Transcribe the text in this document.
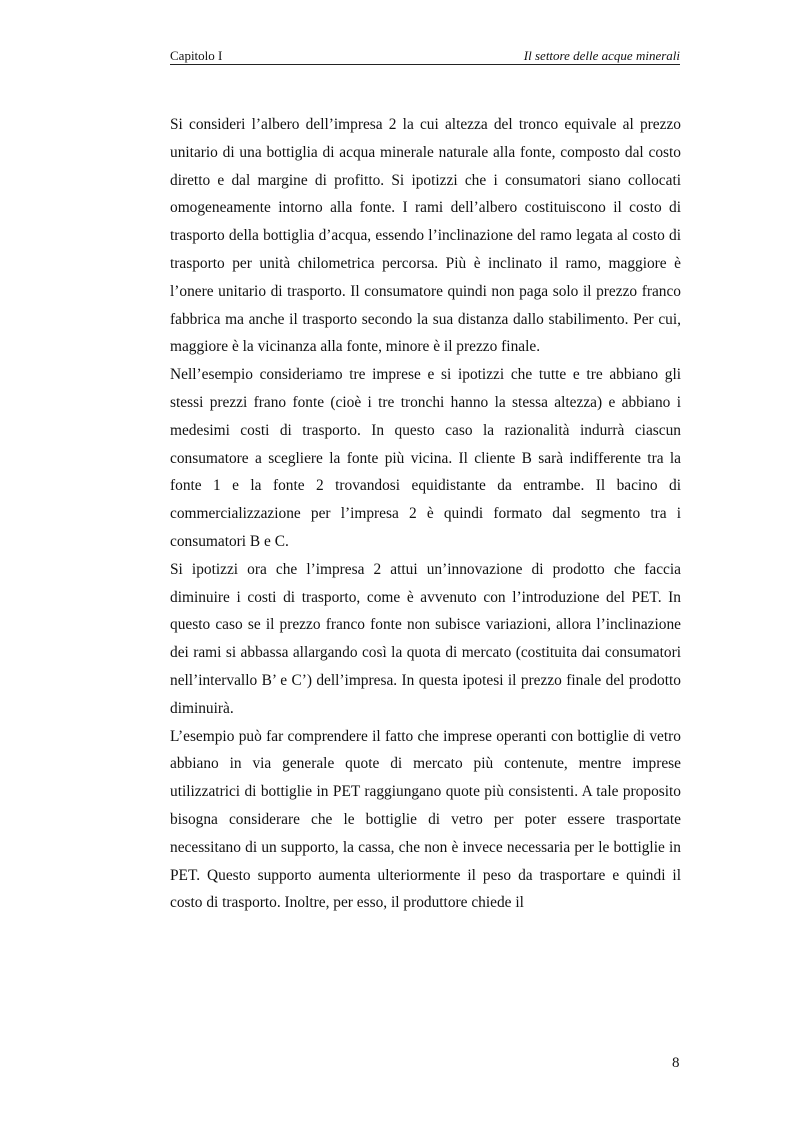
Capitolo I	Il settore delle acque minerali

Si consideri l’albero dell’impresa 2 la cui altezza del tronco equivale al prezzo unitario di una bottiglia di acqua minerale naturale alla fonte, composto dal costo diretto e dal margine di profitto. Si ipotizzi che i consumatori siano collocati omogeneamente intorno alla fonte. I rami dell’albero costituiscono il costo di trasporto della bottiglia d’acqua, essendo l’inclinazione del ramo legata al costo di trasporto per unità chilometrica percorsa. Più è inclinato il ramo, maggiore è l’onere unitario di trasporto. Il consumatore quindi non paga solo il prezzo franco fabbrica ma anche il trasporto secondo la sua distanza dallo stabilimento. Per cui, maggiore è la vicinanza alla fonte, minore è il prezzo finale.

Nell’esempio consideriamo tre imprese e si ipotizzi che tutte e tre abbiano gli stessi prezzi frano fonte (cioè i tre tronchi hanno la stessa altezza) e abbiano i medesimi costi di trasporto. In questo caso la razionalità indurrà ciascun consumatore a scegliere la fonte più vicina. Il cliente B sarà indifferente tra la fonte 1 e la fonte 2 trovandosi equidistante da entrambe. Il bacino di commercializzazione per l’impresa 2 è quindi formato dal segmento tra i consumatori B e C.

Si ipotizzi ora che l’impresa 2 attui un’innovazione di prodotto che faccia diminuire i costi di trasporto, come è avvenuto con l’introduzione del PET. In questo caso se il prezzo franco fonte non subisce variazioni, allora l’inclinazione dei rami si abbassa allargando così la quota di mercato (costituita dai consumatori nell’intervallo B’ e C’) dell’impresa. In questa ipotesi il prezzo finale del prodotto diminuirà.

L’esempio può far comprendere il fatto che imprese operanti con bottiglie di vetro abbiano in via generale quote di mercato più contenute, mentre imprese utilizzatrici di bottiglie in PET raggiungano quote più consistenti. A tale proposito bisogna considerare che le bottiglie di vetro per poter essere trasportate necessitano di un supporto, la cassa, che non è invece necessaria per le bottiglie in PET. Questo supporto aumenta ulteriormente il peso da trasportare e quindi il costo di trasporto. Inoltre, per esso, il produttore chiede il

8
